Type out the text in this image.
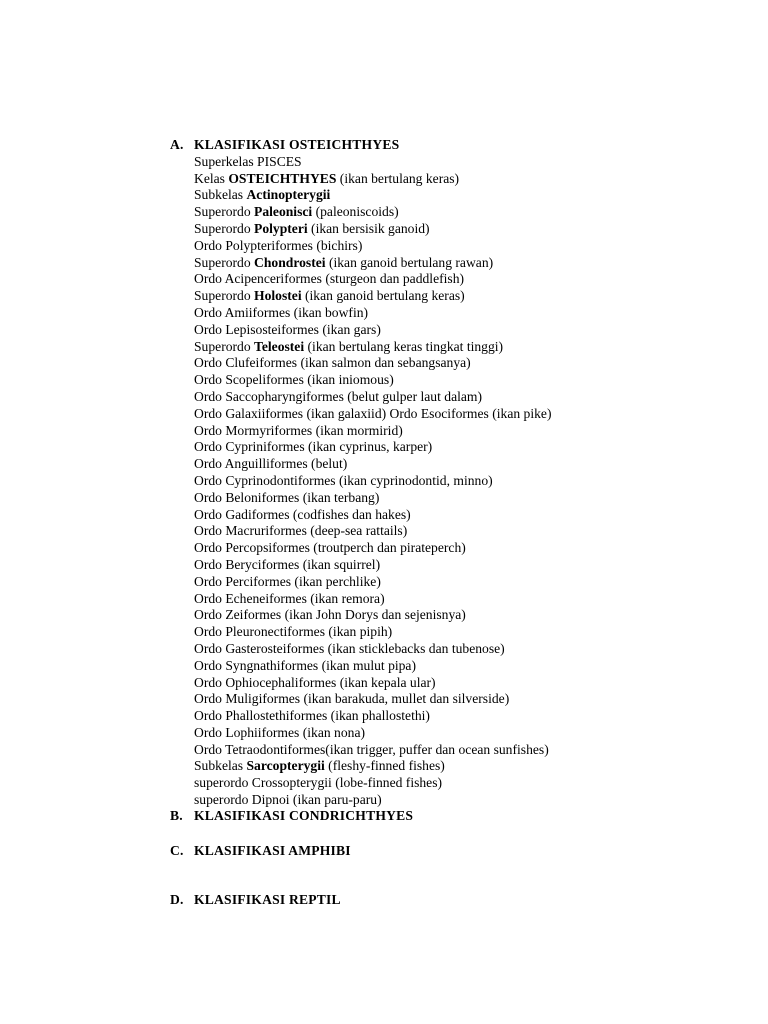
A. KLASIFIKASI OSTEICHTHYES
Superkelas PISCES
Kelas OSTEICHTHYES (ikan bertulang keras)
Subkelas Actinopterygii
Superordo Paleonisci (paleoniscoids)
Superordo Polypteri (ikan bersisik ganoid)
Ordo Polypteriformes (bichirs)
Superordo Chondrostei (ikan ganoid bertulang rawan)
Ordo Acipenceriformes (sturgeon dan paddlefish)
Superordo Holostei (ikan ganoid bertulang keras)
Ordo Amiiformes (ikan bowfin)
Ordo Lepisosteiformes (ikan gars)
Superordo Teleostei (ikan bertulang keras tingkat tinggi)
Ordo Clufeiformes (ikan salmon dan sebangsanya)
Ordo Scopeliformes (ikan iniomous)
Ordo Saccopharyngiformes (belut gulper laut dalam)
Ordo Galaxiiformes (ikan galaxiid) Ordo Esociformes (ikan pike)
Ordo Mormyriformes (ikan mormirid)
Ordo Cypriniformes (ikan cyprinus, karper)
Ordo Anguilliformes (belut)
Ordo Cyprinodontiformes (ikan cyprinodontid, minno)
Ordo Beloniformes (ikan terbang)
Ordo Gadiformes (codfishes dan hakes)
Ordo Macruriformes (deep-sea rattails)
Ordo Percopsiformes (troutperch dan pirateperch)
Ordo Beryciformes (ikan squirrel)
Ordo Perciformes (ikan perchlike)
Ordo Echeneiformes (ikan remora)
Ordo Zeiformes (ikan John Dorys dan sejenisnya)
Ordo Pleuronectiformes (ikan pipih)
Ordo Gasterosteiformes (ikan sticklebacks dan tubenose)
Ordo Syngnathiformes (ikan mulut pipa)
Ordo Ophiocephaliformes (ikan kepala ular)
Ordo Muligiformes (ikan barakuda, mullet dan silverside)
Ordo Phallostethiformes (ikan phallostethi)
Ordo Lophiiformes (ikan nona)
Ordo Tetraodontiformes(ikan trigger, puffer dan ocean sunfishes)
Subkelas Sarcopterygii (fleshy-finned fishes)
superordo Crossopterygii (lobe-finned fishes)
superordo Dipnoi (ikan paru-paru)
B. KLASIFIKASI CONDRICHTHYES
C. KLASIFIKASI AMPHIBI
D. KLASIFIKASI REPTIL
